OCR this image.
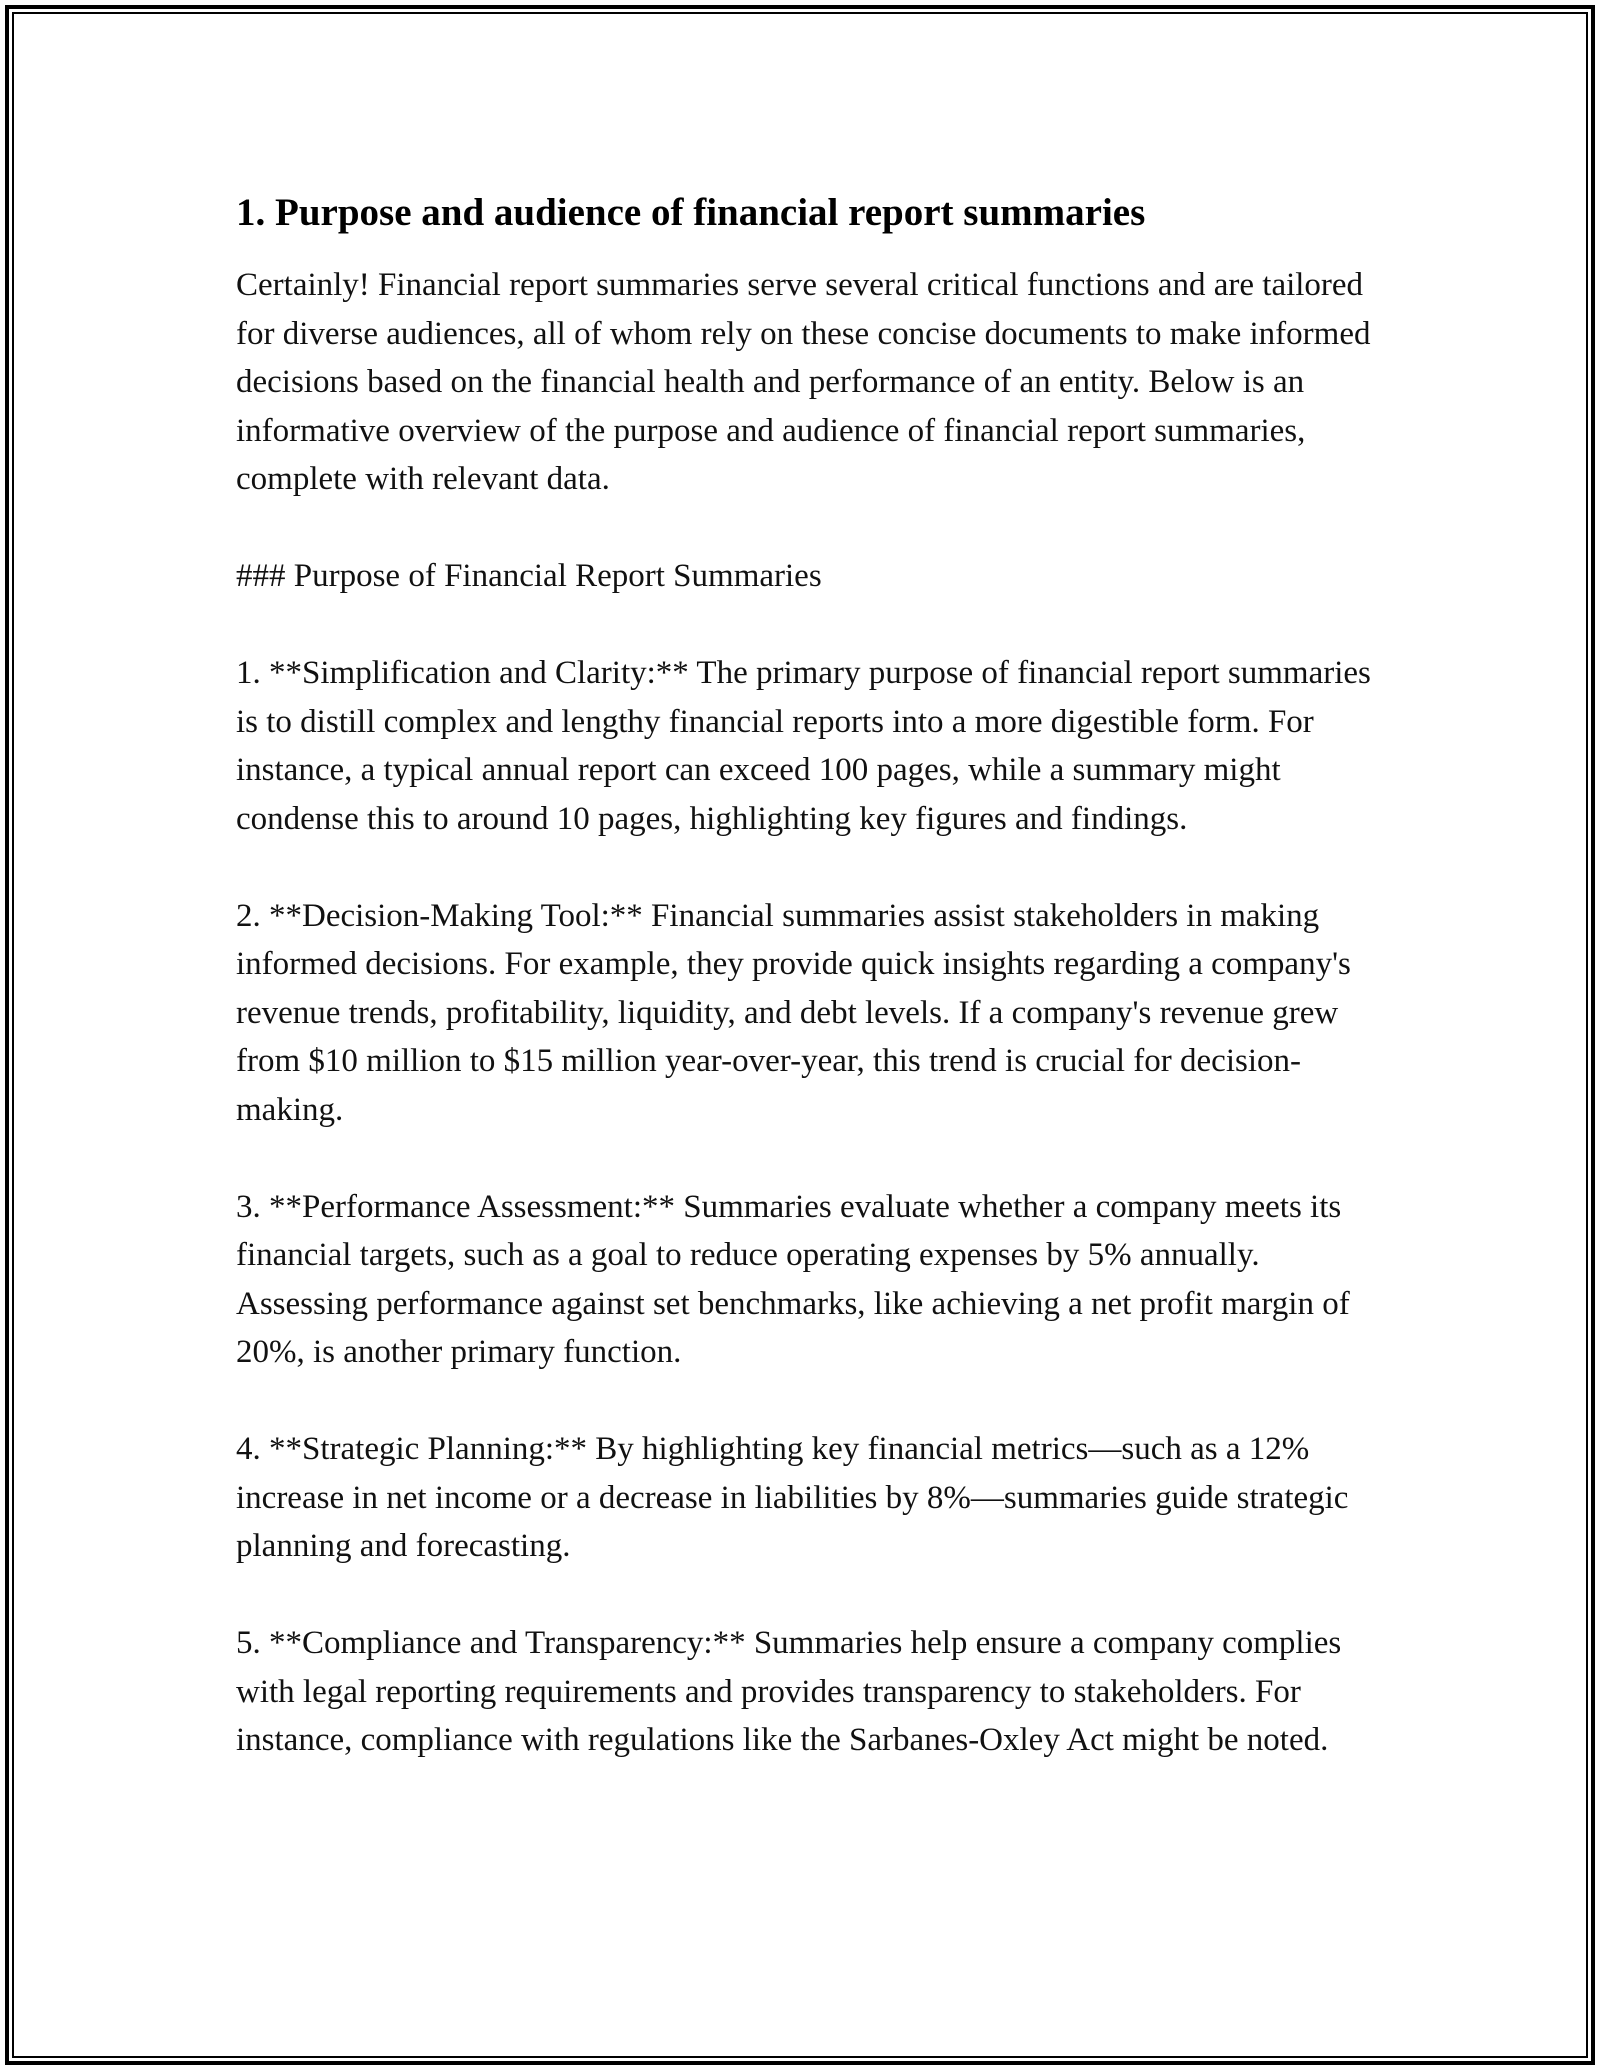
1. Purpose and audience of financial report summaries

Certainly! Financial report summaries serve several critical functions and are tailored for diverse audiences, all of whom rely on these concise documents to make informed decisions based on the financial health and performance of an entity. Below is an informative overview of the purpose and audience of financial report summaries, complete with relevant data.

### Purpose of Financial Report Summaries

1. **Simplification and Clarity:** The primary purpose of financial report summaries is to distill complex and lengthy financial reports into a more digestible form. For instance, a typical annual report can exceed 100 pages, while a summary might condense this to around 10 pages, highlighting key figures and findings.

2. **Decision-Making Tool:** Financial summaries assist stakeholders in making informed decisions. For example, they provide quick insights regarding a company's revenue trends, profitability, liquidity, and debt levels. If a company's revenue grew from $10 million to $15 million year-over-year, this trend is crucial for decision-making.

3. **Performance Assessment:** Summaries evaluate whether a company meets its financial targets, such as a goal to reduce operating expenses by 5% annually. Assessing performance against set benchmarks, like achieving a net profit margin of 20%, is another primary function.

4. **Strategic Planning:** By highlighting key financial metrics—such as a 12% increase in net income or a decrease in liabilities by 8%—summaries guide strategic planning and forecasting.

5. **Compliance and Transparency:** Summaries help ensure a company complies with legal reporting requirements and provides transparency to stakeholders. For instance, compliance with regulations like the Sarbanes-Oxley Act might be noted.
